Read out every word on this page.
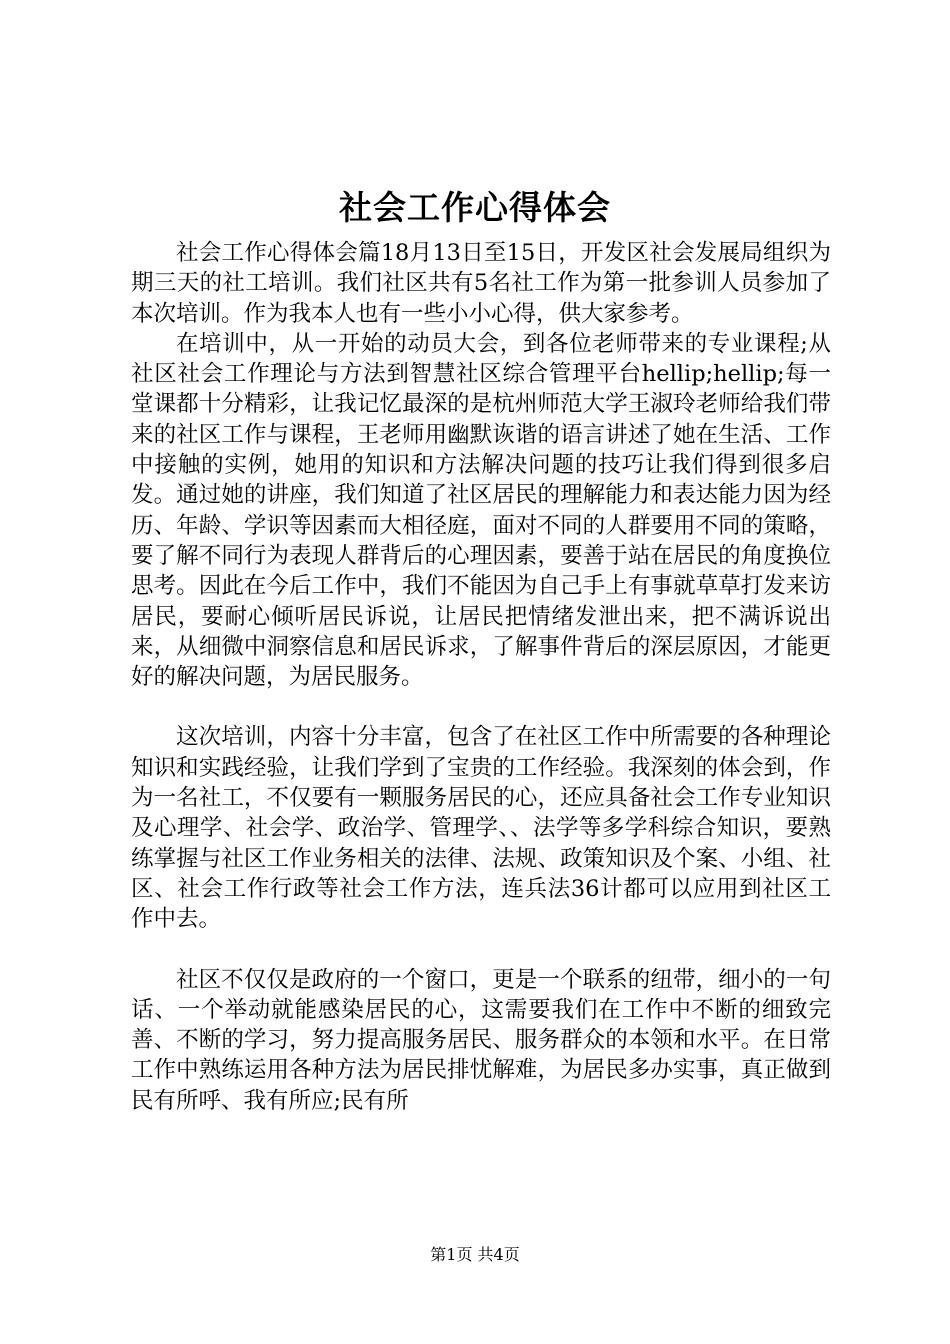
社会工作心得体会

社会工作心得体会篇18月13日至15日，开发区社会发展局组织为期三天的社工培训。我们社区共有5名社工作为第一批参训人员参加了本次培训。作为我本人也有一些小小心得，供大家参考。

在培训中，从一开始的动员大会，到各位老师带来的专业课程;从社区社会工作理论与方法到智慧社区综合管理平台hellip;hellip;每一堂课都十分精彩，让我记忆最深的是杭州师范大学王淑玲老师给我们带来的社区工作与课程，王老师用幽默诙谐的语言讲述了她在生活、工作中接触的实例，她用的知识和方法解决问题的技巧让我们得到很多启发。通过她的讲座，我们知道了社区居民的理解能力和表达能力因为经历、年龄、学识等因素而大相径庭，面对不同的人群要用不同的策略，要了解不同行为表现人群背后的心理因素，要善于站在居民的角度换位思考。因此在今后工作中，我们不能因为自己手上有事就草草打发来访居民，要耐心倾听居民诉说，让居民把情绪发泄出来，把不满诉说出来，从细微中洞察信息和居民诉求，了解事件背后的深层原因，才能更好的解决问题，为居民服务。

这次培训，内容十分丰富，包含了在社区工作中所需要的各种理论知识和实践经验，让我们学到了宝贵的工作经验。我深刻的体会到，作为一名社工，不仅要有一颗服务居民的心，还应具备社会工作专业知识及心理学、社会学、政治学、管理学、、法学等多学科综合知识，要熟练掌握与社区工作业务相关的法律、法规、政策知识及个案、小组、社区、社会工作行政等社会工作方法，连兵法36计都可以应用到社区工作中去。

社区不仅仅是政府的一个窗口，更是一个联系的纽带，细小的一句话、一个举动就能感染居民的心，这需要我们在工作中不断的细致完善、不断的学习，努力提高服务居民、服务群众的本领和水平。在日常工作中熟练运用各种方法为居民排忧解难，为居民多办实事，真正做到民有所呼、我有所应;民有所

第1页 共4页
